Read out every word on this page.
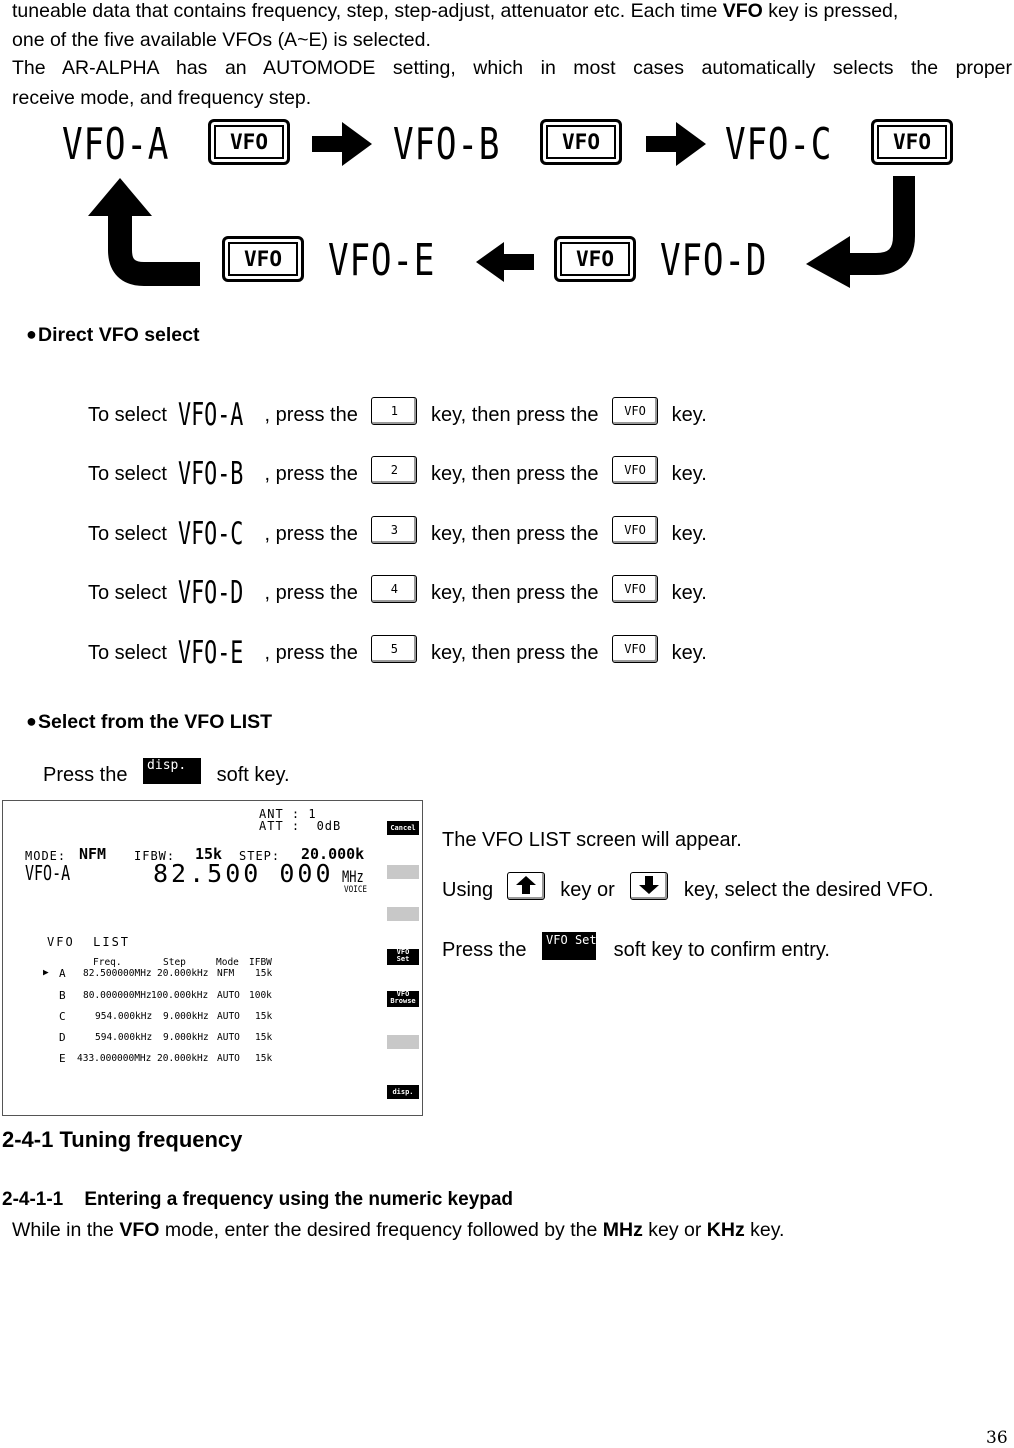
tuneable data that contains frequency, step, step-adjust, attenuator etc. Each time VFO key is pressed,
one of the five available VFOs (A~E) is selected.
The AR-ALPHA has an AUTOMODE setting, which in most cases automatically selects the proper
receive mode, and frequency step.
VFO-A	VFO	VFO-B	VFO	VFO-C	VFO
VFO	VFO-E	VFO	VFO-D
● Direct VFO select
To select VFO-A , press the	1	key, then press the	VFO	key.
To select VFO-B , press the	2	key, then press the	VFO	key.
To select VFO-C , press the	3	key, then press the	VFO	key.
To select VFO-D , press the	4	key, then press the	VFO	key.
To select VFO-E , press the	5	key, then press the	VFO	key.
● Select from the VFO LIST
Press the	disp.	soft key.
ANT : 1
ATT :  0dB
MODE: NFM IFBW: 15k STEP: 20.000k
VFO-A	82.500 000 MHz
VOICE
VFO  LIST
Freq.	Step	Mode IFBW
▶ A 82.500000MHz 20.000kHz NFM 15k
B 80.000000MHz 100.000kHz AUTO 100k
C	954.000kHz 9.000kHz AUTO 15k
D	594.000kHz 9.000kHz AUTO 15k
E 433.000000MHz 20.000kHz AUTO 15k
Cancel
VFO
Set
VFO
Browse
disp.
The VFO LIST screen will appear.
Using

	key or

	key, select the desired VFO.
Press the	VFO Set soft key to confirm entry.
2-4-1 Tuning frequency
2-4-1-1 Entering a frequency using the numeric keypad
While in the VFO mode, enter the desired frequency followed by the MHz key or KHz key.
36
